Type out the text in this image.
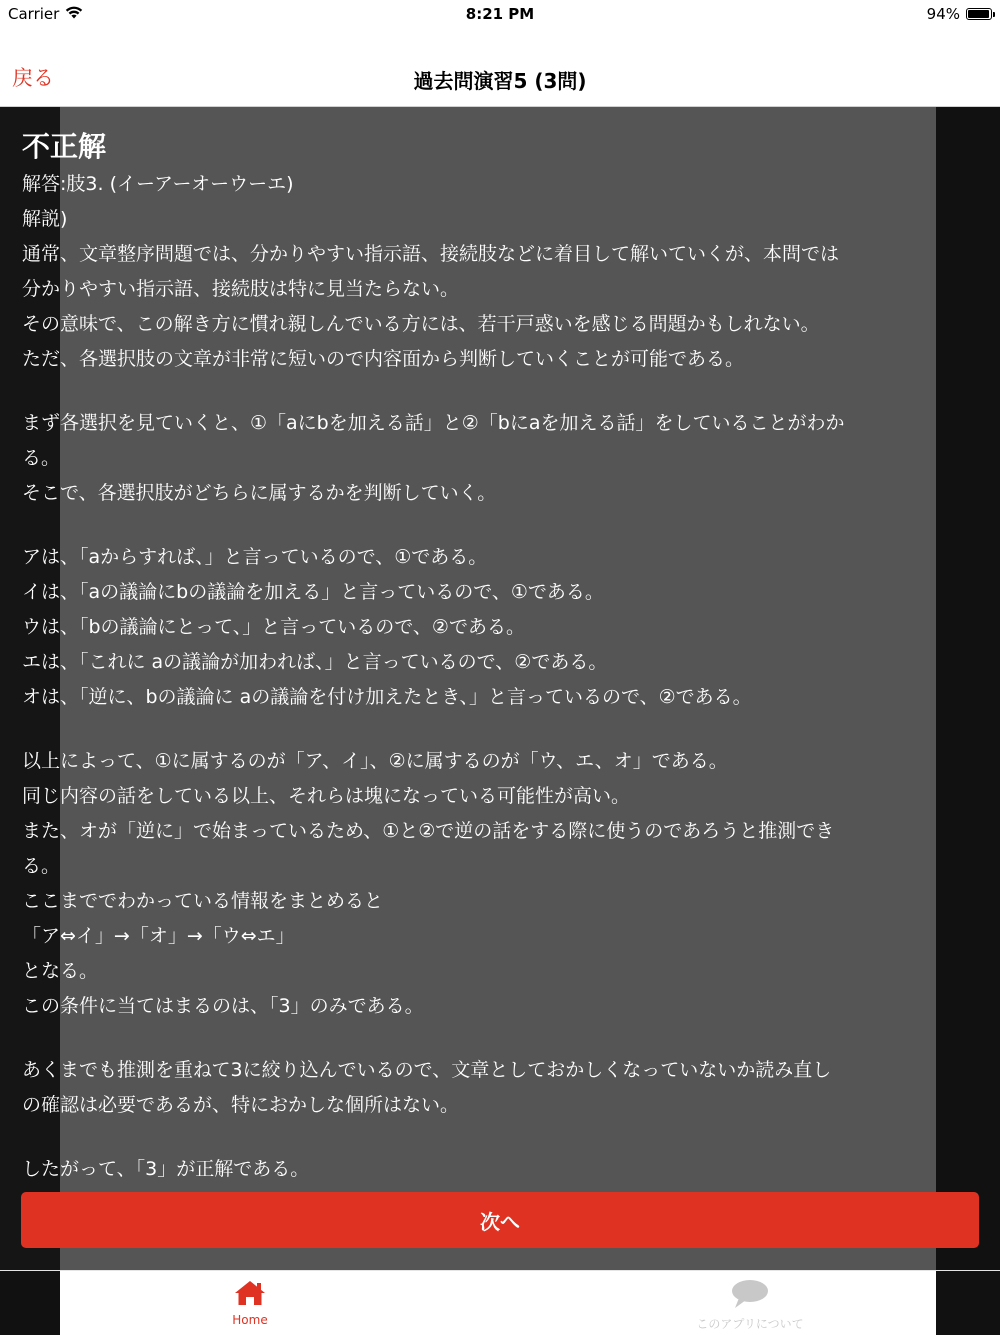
Carrier	8:21 PM	94%
戻る	過去問演習5 (3問)
不正解
解答:肢3. (イーアーオーウーエ)
解説)
通常、文章整序問題では、分かりやすい指示語、接続肢などに着目して解いていくが、本問では
分かりやすい指示語、接続肢は特に見当たらない。
その意味で、この解き方に慣れ親しんでいる方には、若干戸惑いを感じる問題かもしれない。
ただ、各選択肢の文章が非常に短いので内容面から判断していくことが可能である。
まず各選択を見ていくと、①「aにbを加える話」と②「bにaを加える話」をしていることがわか
る。
そこで、各選択肢がどちらに属するかを判断していく。
アは、「aからすれば、」と言っているので、①である。
イは、「aの議論にbの議論を加える」と言っているので、①である。
ウは、「bの議論にとって、」と言っているので、②である。
エは、「これに aの議論が加われば、」と言っているので、②である。
オは、「逆に、bの議論に aの議論を付け加えたとき、」と言っているので、②である。
以上によって、①に属するのが「ア、イ」、②に属するのが「ウ、エ、オ」である。
同じ内容の話をしている以上、それらは塊になっている可能性が高い。
また、オが「逆に」で始まっているため、①と②で逆の話をする際に使うのであろうと推測でき
る。
ここまででわかっている情報をまとめると
「ア⇔イ」→「オ」→「ウ⇔エ」
となる。
この条件に当てはまるのは、「3」のみである。
あくまでも推測を重ねて3に絞り込んでいるので、文章としておかしくなっていないか読み直し
の確認は必要であるが、特におかしな個所はない。
したがって、「3」が正解である。
次へ
Home	このアプリについて
